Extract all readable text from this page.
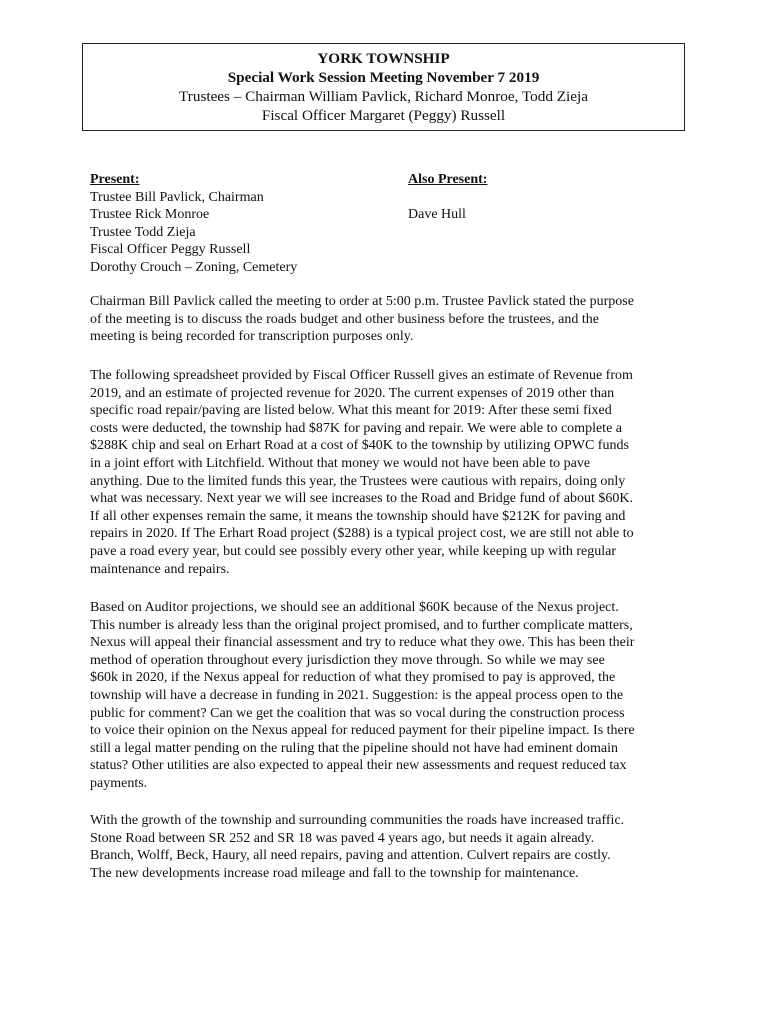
YORK TOWNSHIP

Special Work Session Meeting November 7 2019

Trustees – Chairman William Pavlick, Richard Monroe, Todd Zieja

Fiscal Officer Margaret (Peggy) Russell

Present:

Trustee Bill Pavlick, Chairman

Trustee Rick Monroe

Trustee Todd Zieja

Fiscal Officer Peggy Russell

Dorothy Crouch – Zoning, Cemetery

Also Present:

Dave Hull

Chairman Bill Pavlick called the meeting to order at 5:00 p.m. Trustee Pavlick stated the purpose
of the meeting is to discuss the roads budget and other business before the trustees, and the
meeting is being recorded for transcription purposes only.
The following spreadsheet provided by Fiscal Officer Russell gives an estimate of Revenue from
2019, and an estimate of projected revenue for 2020. The current expenses of 2019 other than
specific road repair/paving are listed below. What this meant for 2019: After these semi fixed
costs were deducted, the township had $87K for paving and repair. We were able to complete a
$288K chip and seal on Erhart Road at a cost of $40K to the township by utilizing OPWC funds
in a joint effort with Litchfield. Without that money we would not have been able to pave
anything. Due to the limited funds this year, the Trustees were cautious with repairs, doing only
what was necessary. Next year we will see increases to the Road and Bridge fund of about $60K.
If all other expenses remain the same, it means the township should have $212K for paving and
repairs in 2020. If The Erhart Road project ($288) is a typical project cost, we are still not able to
pave a road every year, but could see possibly every other year, while keeping up with regular
maintenance and repairs.
Based on Auditor projections, we should see an additional $60K because of the Nexus project.
This number is already less than the original project promised, and to further complicate matters,
Nexus will appeal their financial assessment and try to reduce what they owe. This has been their
method of operation throughout every jurisdiction they move through. So while we may see
$60k in 2020, if the Nexus appeal for reduction of what they promised to pay is approved, the
township will have a decrease in funding in 2021. Suggestion: is the appeal process open to the
public for comment? Can we get the coalition that was so vocal during the construction process
to voice their opinion on the Nexus appeal for reduced payment for their pipeline impact. Is there
still a legal matter pending on the ruling that the pipeline should not have had eminent domain
status? Other utilities are also expected to appeal their new assessments and request reduced tax
payments.
With the growth of the township and surrounding communities the roads have increased traffic.
Stone Road between SR 252 and SR 18 was paved 4 years ago, but needs it again already.
Branch, Wolff, Beck, Haury, all need repairs, paving and attention. Culvert repairs are costly.
The new developments increase road mileage and fall to the township for maintenance.
